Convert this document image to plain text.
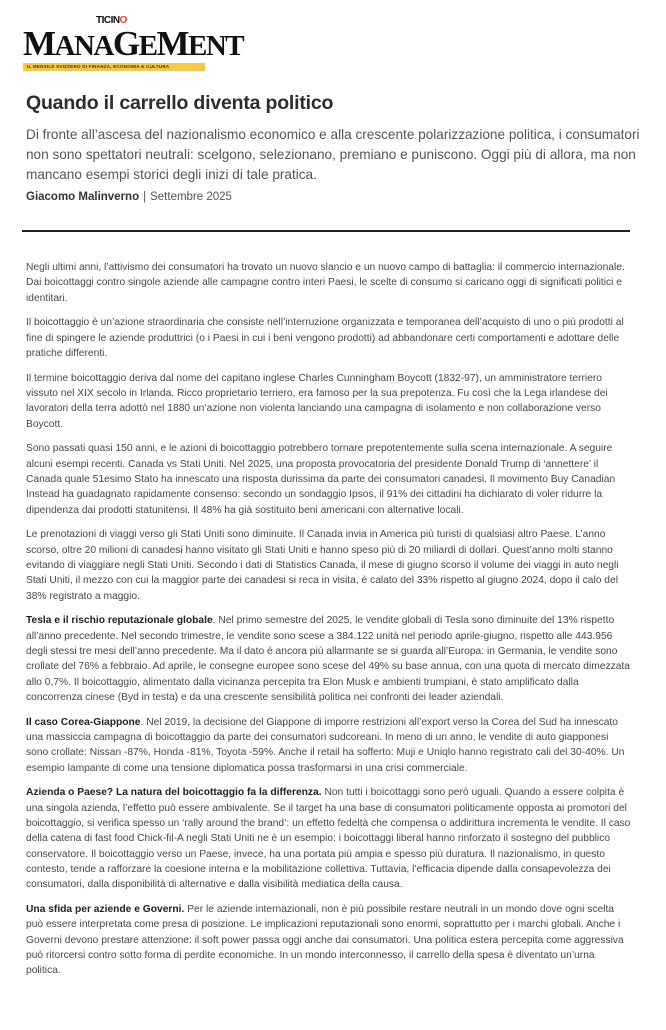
TICINO
MANAGEMENT
IL MENSILE SVIZZERO DI FINANZA, ECONOMIA E CULTURA
Quando il carrello diventa politico

Di fronte all’ascesa del nazionalismo economico e alla crescente polarizzazione politica, i consumatori non sono spettatori neutrali: scelgono, selezionano, premiano e puniscono. Oggi più di allora, ma non mancano esempi storici degli inizi di tale pratica.

Giacomo Malinverno | Settembre 2025

Negli ultimi anni, l’attivismo dei consumatori ha trovato un nuovo slancio e un nuovo campo di battaglia: il commercio internazionale. Dai boicottaggi contro singole aziende alle campagne contro interi Paesi, le scelte di consumo si caricano oggi di significati politici e identitari.

Il boicottaggio è un’azione straordinaria che consiste nell’interruzione organizzata e temporanea dell’acquisto di uno o più prodotti al fine di spingere le aziende produttrici (o i Paesi in cui i beni vengono prodotti) ad abbandonare certi comportamenti e adottare delle pratiche differenti.

Il termine boicottaggio deriva dal nome del capitano inglese Charles Cunningham Boycott (1832-97), un amministratore terriero vissuto nel XIX secolo in Irlanda. Ricco proprietario terriero, era famoso per la sua prepotenza. Fu così che la Lega irlandese dei lavoratori della terra adottò nel 1880 un’azione non violenta lanciando una campagna di isolamento e non collaborazione verso Boycott.

Sono passati quasi 150 anni, e le azioni di boicottaggio potrebbero tornare prepotentemente sulla scena internazionale. A seguire alcuni esempi recenti. Canada vs Stati Uniti. Nel 2025, una proposta provocatoria del presidente Donald Trump di ‘annettere’ il Canada quale 51esimo Stato ha innescato una risposta durissima da parte dei consumatori canadesi. Il movimento Buy Canadian Instead ha guadagnato rapidamente consenso: secondo un sondaggio Ipsos, il 91% dei cittadini ha dichiarato di voler ridurre la dipendenza dai prodotti statunitensi. Il 48% ha già sostituito beni americani con alternative locali.

Le prenotazioni di viaggi verso gli Stati Uniti sono diminuite. Il Canada invia in America più turisti di qualsiasi altro Paese. L’anno scorso, oltre 20 milioni di canadesi hanno visitato gli Stati Uniti e hanno speso più di 20 miliardi di dollari. Quest’anno molti stanno evitando di viaggiare negli Stati Uniti. Secondo i dati di Statistics Canada, il mese di giugno scorso il volume dei viaggi in auto negli Stati Uniti, il mezzo con cui la maggior parte dei canadesi si reca in visita, è calato del 33% rispetto al giugno 2024, dopo il calo del 38% registrato a maggio.

Tesla e il rischio reputazionale globale. Nel primo semestre del 2025, le vendite globali di Tesla sono diminuite del 13% rispetto all’anno precedente. Nel secondo trimestre, le vendite sono scese a 384.122 unità nel periodo aprile-giugno, rispetto alle 443.956 degli stessi tre mesi dell’anno precedente. Ma il dato è ancora più allarmante se si guarda all’Europa: in Germania, le vendite sono crollate del 76% a febbraio. Ad aprile, le consegne europee sono scese del 49% su base annua, con una quota di mercato dimezzata allo 0,7%. Il boicottaggio, alimentato dalla vicinanza percepita tra Elon Musk e ambienti trumpiani, è stato amplificato dalla concorrenza cinese (Byd in testa) e da una crescente sensibilità politica nei confronti dei leader aziendali.

Il caso Corea-Giappone. Nel 2019, la decisione del Giappone di imporre restrizioni all’export verso la Corea del Sud ha innescato una massiccia campagna di boicottaggio da parte dei consumatori sudcoreani. In meno di un anno, le vendite di auto giapponesi sono crollate: Nissan -87%, Honda -81%, Toyota -59%. Anche il retail ha sofferto: Muji e Uniqlo hanno registrato cali del 30-40%. Un esempio lampante di come una tensione diplomatica possa trasformarsi in una crisi commerciale.

Azienda o Paese? La natura del boicottaggio fa la differenza. Non tutti i boicottaggi sono però uguali. Quando a essere colpita è una singola azienda, l’effetto può essere ambivalente. Se il target ha una base di consumatori politicamente opposta ai promotori del boicottaggio, si verifica spesso un ‘rally around the brand’: un effetto fedeltà che compensa o addirittura incrementa le vendite. Il caso della catena di fast food Chick-fil-A negli Stati Uniti ne è un esempio: i boicottaggi liberal hanno rinforzato il sostegno del pubblico conservatore. Il boicottaggio verso un Paese, invece, ha una portata più ampia e spesso più duratura. Il nazionalismo, in questo contesto, tende a rafforzare la coesione interna e la mobilitazione collettiva. Tuttavia, l’efficacia dipende dalla consapevolezza dei consumatori, dalla disponibilità di alternative e dalla visibilità mediatica della causa.

Una sfida per aziende e Governi. Per le aziende internazionali, non è più possibile restare neutrali in un mondo dove ogni scelta può essere interpretata come presa di posizione. Le implicazioni reputazionali sono enormi, soprattutto per i marchi globali. Anche i Governi devono prestare attenzione: il soft power passa oggi anche dai consumatori. Una politica estera percepita come aggressiva può ritorcersi contro sotto forma di perdite economiche. In un mondo interconnesso, il carrello della spesa è diventato un’urna politica.
